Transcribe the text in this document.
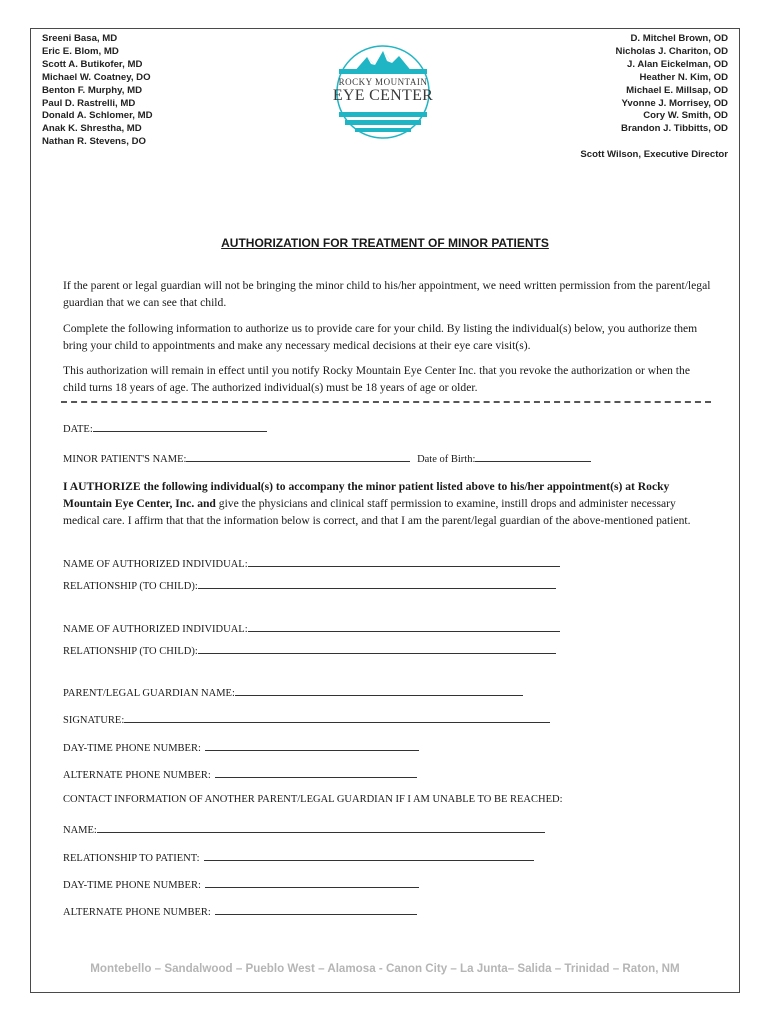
Sreeni Basa, MD
Eric E. Blom, MD
Scott A. Butikofer, MD
Michael W. Coatney, DO
Benton F. Murphy, MD
Paul D. Rastrelli, MD
Donald A. Schlomer, MD
Anak K. Shrestha, MD
Nathan R. Stevens, DO
ROCKY MOUNTAIN
EYE CENTER
D. Mitchel Brown, OD
Nicholas J. Chariton, OD
J. Alan Eickelman, OD
Heather N. Kim, OD
Michael E. Millsap, OD
Yvonne J. Morrisey, OD
Cory W. Smith, OD
Brandon J. Tibbitts, OD
Scott Wilson, Executive Director
AUTHORIZATION FOR TREATMENT OF MINOR PATIENTS
If the parent or legal guardian will not be bringing the minor child to his/her appointment, we need written permission from the parent/legal guardian that we can see that child.
Complete the following information to authorize us to provide care for your child. By listing the individual(s) below, you authorize them bring your child to appointments and make any necessary medical decisions at their eye care visit(s).
This authorization will remain in effect until you notify Rocky Mountain Eye Center Inc. that you revoke the authorization or when the child turns 18 years of age. The authorized individual(s) must be 18 years of age or older.
DATE:
MINOR PATIENT'S NAME:	Date of Birth:
I AUTHORIZE the following individual(s) to accompany the minor patient listed above to his/her appointment(s) at Rocky Mountain Eye Center, Inc. and give the physicians and clinical staff permission to examine, instill drops and administer necessary medical care. I affirm that that the information below is correct, and that I am the parent/legal guardian of the above-mentioned patient.
NAME OF AUTHORIZED INDIVIDUAL:
RELATIONSHIP (TO CHILD):
NAME OF AUTHORIZED INDIVIDUAL:
RELATIONSHIP (TO CHILD):
PARENT/LEGAL GUARDIAN NAME:
SIGNATURE:
DAY-TIME PHONE NUMBER:
ALTERNATE PHONE NUMBER:
CONTACT INFORMATION OF ANOTHER PARENT/LEGAL GUARDIAN IF I AM UNABLE TO BE REACHED:
NAME:
RELATIONSHIP TO PATIENT:
DAY-TIME PHONE NUMBER:
ALTERNATE PHONE NUMBER:
Montebello – Sandalwood – Pueblo West – Alamosa - Canon City – La Junta– Salida – Trinidad – Raton, NM
